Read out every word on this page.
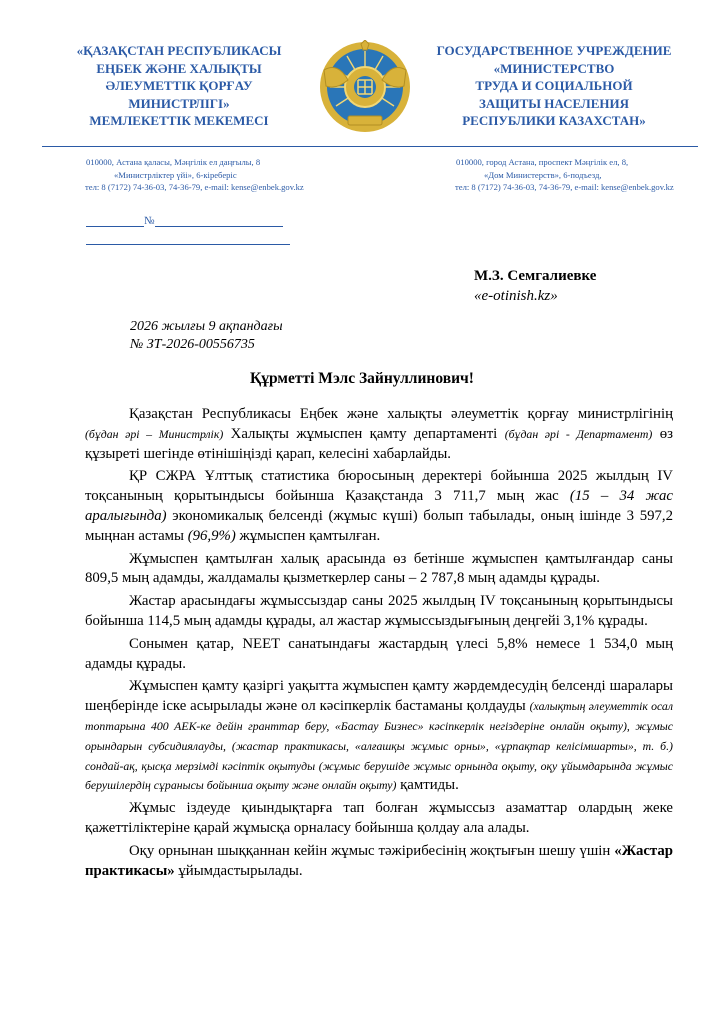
«ҚАЗАҚСТАН РЕСПУБЛИКАСЫ
ЕҢБЕК ЖӘНЕ ХАЛЫҚТЫ
ӘЛЕУМЕТТІК ҚОРҒАУ
МИНИСТРЛІГІ»
МЕМЛЕКЕТТІК МЕКЕМЕСІ
ГОСУДАРСТВЕННОЕ УЧРЕЖДЕНИЕ
«МИНИСТЕРСТВО
ТРУДА И СОЦИАЛЬНОЙ
ЗАЩИТЫ НАСЕЛЕНИЯ
РЕСПУБЛИКИ КАЗАХСТАН»
010000, Астана қаласы, Мәңгілік ел даңғылы, 8
«Министрліктер үйі», 6-кіреберіс
тел: 8 (7172) 74-36-03, 74-36-79, e-mail: kense@enbek.gov.kz
010000, город Астана, проспект Мәңгілік ел, 8,
«Дом Министерств», 6-подъезд,
тел: 8 (7172) 74-36-03, 74-36-79, e-mail: kense@enbek.gov.kz
№
М.З. Семгалиевке
«e-otinish.kz»
2026 жылғы 9 ақпандағы
№ ЗТ-2026-00556735
Құрметті Мэлс Зайнуллинович!

Қазақстан Республикасы Еңбек және халықты әлеуметтік қорғау министрлігінің (бұдан әрі – Министрлік) Халықты жұмыспен қамту департаменті (бұдан әрі - Департамент) өз құзыреті шегінде өтінішіңізді қарап, келесіні хабарлайды.

ҚР СЖРА Ұлттық статистика бюросының деректері бойынша 2025 жылдың IV тоқсанының қорытындысы бойынша Қазақстанда 3 711,7 мың жас (15 – 34 жас аралығында) экономикалық белсенді (жұмыс күші) болып табылады, оның ішінде 3 597,2 мыңнан астамы (96,9%) жұмыспен қамтылған.

Жұмыспен қамтылған халық арасында өз бетінше жұмыспен қамтылғандар саны 809,5 мың адамды, жалдамалы қызметкерлер саны – 2 787,8 мың адамды құрады.

Жастар арасындағы жұмыссыздар саны 2025 жылдың IV тоқсанының қорытындысы бойынша 114,5 мың адамды құрады, ал жастар жұмыссыздығының деңгейі 3,1% құрады.

Сонымен қатар, NEET санатындағы жастардың үлесі 5,8% немесе 1 534,0 мың адамды құрады.

Жұмыспен қамту қазіргі уақытта жұмыспен қамту жәрдемдесудің белсенді шаралары шеңберінде іске асырылады және ол кәсіпкерлік бастаманы қолдауды (халықтың әлеуметтік осал топтарына 400 АЕК-ке дейін гранттар беру, «Бастау Бизнес» кәсіпкерлік негіздеріне онлайн оқыту), жұмыс орындарын субсидиялауды, (жастар практикасы, «алғашқы жұмыс орны», «ұрпақтар келісімшарты», т. б.) сондай-ақ, қысқа мерзімді кәсіптік оқытуды (жұмыс берушіде жұмыс орнында оқыту, оқу ұйымдарында жұмыс берушілердің сұранысы бойынша оқыту және онлайн оқыту) қамтиды.

Жұмыс іздеуде қиындықтарға тап болған жұмыссыз азаматтар олардың жеке қажеттіліктеріне қарай жұмысқа орналасу бойынша қолдау ала алады.

Оқу орнынан шыққаннан кейін жұмыс тәжірибесінің жоқтығын шешу үшін «Жастар практикасы» ұйымдастырылады.
